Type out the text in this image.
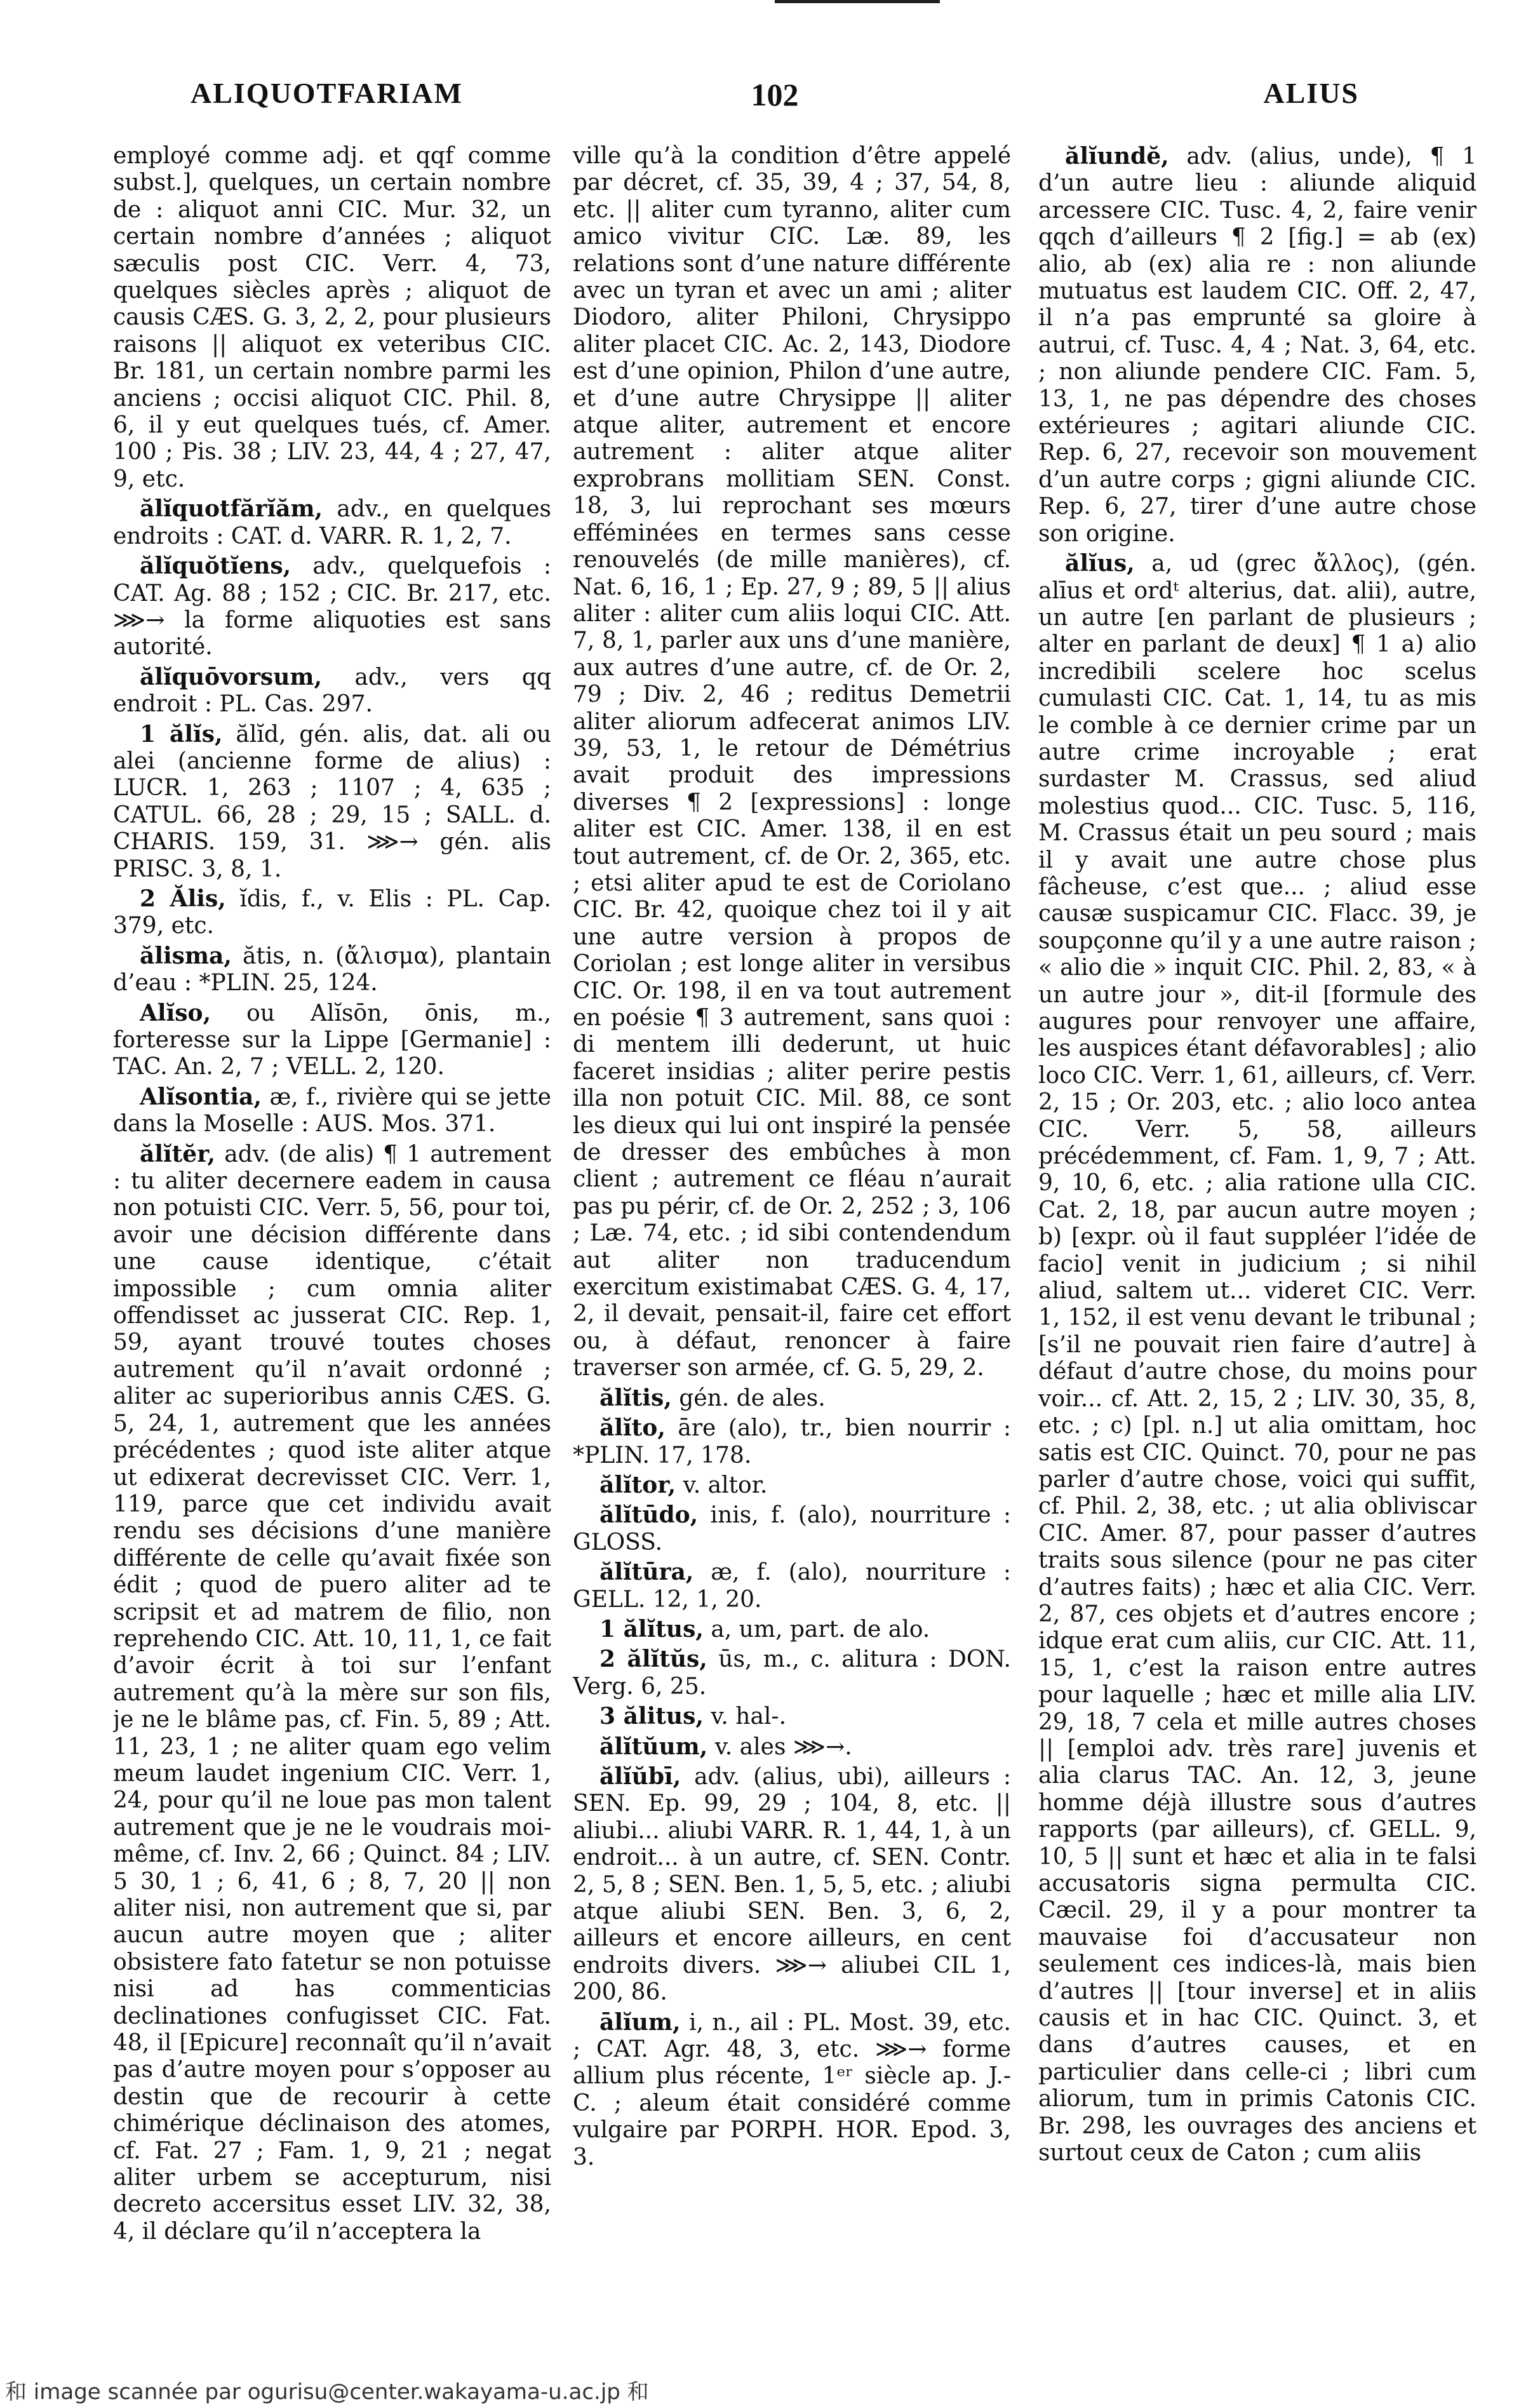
ALIQUOTFARIAM	102	ALIUS

employé comme adj. et qqf comme subst.], quelques, un certain nombre de : aliquot anni CIC. Mur. 32, un certain nombre d’années ; aliquot sæculis post CIC. Verr. 4, 73, quelques siècles après ; aliquot de causis CÆS. G. 3, 2, 2, pour plusieurs raisons || aliquot ex veteribus CIC. Br. 181, un certain nombre parmi les anciens ; occisi aliquot CIC. Phil. 8, 6, il y eut quelques tués, cf. Amer. 100 ; Pis. 38 ; LIV. 23, 44, 4 ; 27, 47, 9, etc.

ălĭquotfărĭăm, adv., en quelques endroits : CAT. d. VARR. R. 1, 2, 7.

ălĭquŏtĭens, adv., quelquefois : CAT. Ag. 88 ; 152 ; CIC. Br. 217, etc. ⋙→ la forme aliquoties est sans autorité.

ălĭquōvorsum, adv., vers qq endroit : PL. Cas. 297.

1 ălĭs, ălĭd, gén. alis, dat. ali ou alei (ancienne forme de alius) : LUCR. 1, 263 ; 1107 ; 4, 635 ; CATUL. 66, 28 ; 29, 15 ; SALL. d. CHARIS. 159, 31. ⋙→ gén. alis PRISC. 3, 8, 1.

2 Ălis, ĭdis, f., v. Elis : PL. Cap. 379, etc.

ălisma, ătis, n. (ἄλισμα), plantain d’eau : *PLIN. 25, 124.

Alĭso, ou Alĭsōn, ōnis, m., forteresse sur la Lippe [Germanie] : TAC. An. 2, 7 ; VELL. 2, 120.

Alĭsontia, æ, f., rivière qui se jette dans la Moselle : AUS. Mos. 371.

ălĭtĕr, adv. (de alis) ¶ 1 autrement : tu aliter decernere eadem in causa non potuisti CIC. Verr. 5, 56, pour toi, avoir une décision différente dans une cause identique, c’était impossible ; cum omnia aliter offendisset ac jusserat CIC. Rep. 1, 59, ayant trouvé toutes choses autrement qu’il n’avait ordonné ; aliter ac superioribus annis CÆS. G. 5, 24, 1, autrement que les années précédentes ; quod iste aliter atque ut edixerat decrevisset CIC. Verr. 1, 119, parce que cet individu avait rendu ses décisions d’une manière différente de celle qu’avait fixée son édit ; quod de puero aliter ad te scripsit et ad matrem de filio, non reprehendo CIC. Att. 10, 11, 1, ce fait d’avoir écrit à toi sur l’enfant autrement qu’à la mère sur son fils, je ne le blâme pas, cf. Fin. 5, 89 ; Att. 11, 23, 1 ; ne aliter quam ego velim meum laudet ingenium CIC. Verr. 1, 24, pour qu’il ne loue pas mon talent autrement que je ne le voudrais moi-même, cf. Inv. 2, 66 ; Quinct. 84 ; LIV. 5 30, 1 ; 6, 41, 6 ; 8, 7, 20 || non aliter nisi, non autrement que si, par aucun autre moyen que ; aliter obsistere fato fatetur se non potuisse nisi ad has commenticias declinationes confugisset CIC. Fat. 48, il [Epicure] reconnaît qu’il n’avait pas d’autre moyen pour s’opposer au destin que de recourir à cette chimérique déclinaison des atomes, cf. Fat. 27 ; Fam. 1, 9, 21 ; negat aliter urbem se accepturum, nisi decreto accersitus esset LIV. 32, 38, 4, il déclare qu’il n’acceptera la

ville qu’à la condition d’être appelé par décret, cf. 35, 39, 4 ; 37, 54, 8, etc. || aliter cum tyranno, aliter cum amico vivitur CIC. Læ. 89, les relations sont d’une nature différente avec un tyran et avec un ami ; aliter Diodoro, aliter Philoni, Chrysippo aliter placet CIC. Ac. 2, 143, Diodore est d’une opinion, Philon d’une autre, et d’une autre Chrysippe || aliter atque aliter, autrement et encore autrement : aliter atque aliter exprobrans mollitiam SEN. Const. 18, 3, lui reprochant ses mœurs efféminées en termes sans cesse renouvelés (de mille manières), cf. Nat. 6, 16, 1 ; Ep. 27, 9 ; 89, 5 || alius aliter : aliter cum aliis loqui CIC. Att. 7, 8, 1, parler aux uns d’une manière, aux autres d’une autre, cf. de Or. 2, 79 ; Div. 2, 46 ; reditus Demetrii aliter aliorum adfecerat animos LIV. 39, 53, 1, le retour de Démétrius avait produit des impressions diverses ¶ 2 [expressions] : longe aliter est CIC. Amer. 138, il en est tout autrement, cf. de Or. 2, 365, etc. ; etsi aliter apud te est de Coriolano CIC. Br. 42, quoique chez toi il y ait une autre version à propos de Coriolan ; est longe aliter in versibus CIC. Or. 198, il en va tout autrement en poésie ¶ 3 autrement, sans quoi : di mentem illi dederunt, ut huic faceret insidias ; aliter perire pestis illa non potuit CIC. Mil. 88, ce sont les dieux qui lui ont inspiré la pensée de dresser des embûches à mon client ; autrement ce fléau n’aurait pas pu périr, cf. de Or. 2, 252 ; 3, 106 ; Læ. 74, etc. ; id sibi contendendum aut aliter non traducendum exercitum existimabat CÆS. G. 4, 17, 2, il devait, pensait-il, faire cet effort ou, à défaut, renoncer à faire traverser son armée, cf. G. 5, 29, 2.

ălĭtis, gén. de ales.

ălĭto, āre (alo), tr., bien nourrir : *PLIN. 17, 178.

ălĭtor, v. altor.

ălĭtūdo, inis, f. (alo), nourriture : GLOSS.

ălĭtūra, æ, f. (alo), nourriture : GELL. 12, 1, 20.

1 ălĭtus, a, um, part. de alo.

2 ălĭtŭs, ūs, m., c. alitura : DON. Verg. 6, 25.

3 ălitus, v. hal-.

ălĭtŭum, v. ales ⋙→.

ălĭŭbī, adv. (alius, ubi), ailleurs : SEN. Ep. 99, 29 ; 104, 8, etc. || aliubi... aliubi VARR. R. 1, 44, 1, à un endroit... à un autre, cf. SEN. Contr. 2, 5, 8 ; SEN. Ben. 1, 5, 5, etc. ; aliubi atque aliubi SEN. Ben. 3, 6, 2, ailleurs et encore ailleurs, en cent endroits divers. ⋙→ aliubei CIL 1, 200, 86.

ālĭum, i, n., ail : PL. Most. 39, etc. ; CAT. Agr. 48, 3, etc. ⋙→ forme allium plus récente, 1ᵉʳ siècle ap. J.-C. ; aleum était considéré comme vulgaire par PORPH. HOR. Epod. 3, 3.

ălĭundĕ, adv. (alius, unde), ¶ 1 d’un autre lieu : aliunde aliquid arcessere CIC. Tusc. 4, 2, faire venir qqch d’ailleurs ¶ 2 [fig.] = ab (ex) alio, ab (ex) alia re : non aliunde mutuatus est laudem CIC. Off. 2, 47, il n’a pas emprunté sa gloire à autrui, cf. Tusc. 4, 4 ; Nat. 3, 64, etc. ; non aliunde pendere CIC. Fam. 5, 13, 1, ne pas dépendre des choses extérieures ; agitari aliunde CIC. Rep. 6, 27, recevoir son mouvement d’un autre corps ; gigni aliunde CIC. Rep. 6, 27, tirer d’une autre chose son origine.

ălĭus, a, ud (grec ἄλλος), (gén. alīus et ordᵗ alterius, dat. alii), autre, un autre [en parlant de plusieurs ; alter en parlant de deux] ¶ 1 a) alio incredibili scelere hoc scelus cumulasti CIC. Cat. 1, 14, tu as mis le comble à ce dernier crime par un autre crime incroyable ; erat surdaster M. Crassus, sed aliud molestius quod... CIC. Tusc. 5, 116, M. Crassus était un peu sourd ; mais il y avait une autre chose plus fâcheuse, c’est que... ; aliud esse causæ suspicamur CIC. Flacc. 39, je soupçonne qu’il y a une autre raison ; « alio die » inquit CIC. Phil. 2, 83, « à un autre jour », dit-il [formule des augures pour renvoyer une affaire, les auspices étant défavorables] ; alio loco CIC. Verr. 1, 61, ailleurs, cf. Verr. 2, 15 ; Or. 203, etc. ; alio loco antea CIC. Verr. 5, 58, ailleurs précédemment, cf. Fam. 1, 9, 7 ; Att. 9, 10, 6, etc. ; alia ratione ulla CIC. Cat. 2, 18, par aucun autre moyen ; b) [expr. où il faut suppléer l’idée de facio] venit in judicium ; si nihil aliud, saltem ut... videret CIC. Verr. 1, 152, il est venu devant le tribunal ; [s’il ne pouvait rien faire d’autre] à défaut d’autre chose, du moins pour voir... cf. Att. 2, 15, 2 ; LIV. 30, 35, 8, etc. ; c) [pl. n.] ut alia omittam, hoc satis est CIC. Quinct. 70, pour ne pas parler d’autre chose, voici qui suffit, cf. Phil. 2, 38, etc. ; ut alia obliviscar CIC. Amer. 87, pour passer d’autres traits sous silence (pour ne pas citer d’autres faits) ; hæc et alia CIC. Verr. 2, 87, ces objets et d’autres encore ; idque erat cum aliis, cur CIC. Att. 11, 15, 1, c’est la raison entre autres pour laquelle ; hæc et mille alia LIV. 29, 18, 7 cela et mille autres choses || [emploi adv. très rare] juvenis et alia clarus TAC. An. 12, 3, jeune homme déjà illustre sous d’autres rapports (par ailleurs), cf. GELL. 9, 10, 5 || sunt et hæc et alia in te falsi accusatoris signa permulta CIC. Cæcil. 29, il y a pour montrer ta mauvaise foi d’accusateur non seulement ces indices-là, mais bien d’autres || [tour inverse] et in aliis causis et in hac CIC. Quinct. 3, et dans d’autres causes, et en particulier dans celle-ci ; libri cum aliorum, tum in primis Catonis CIC. Br. 298, les ouvrages des anciens et surtout ceux de Caton ; cum aliis

和 image scannée par ogurisu@center.wakayama-u.ac.jp 和
